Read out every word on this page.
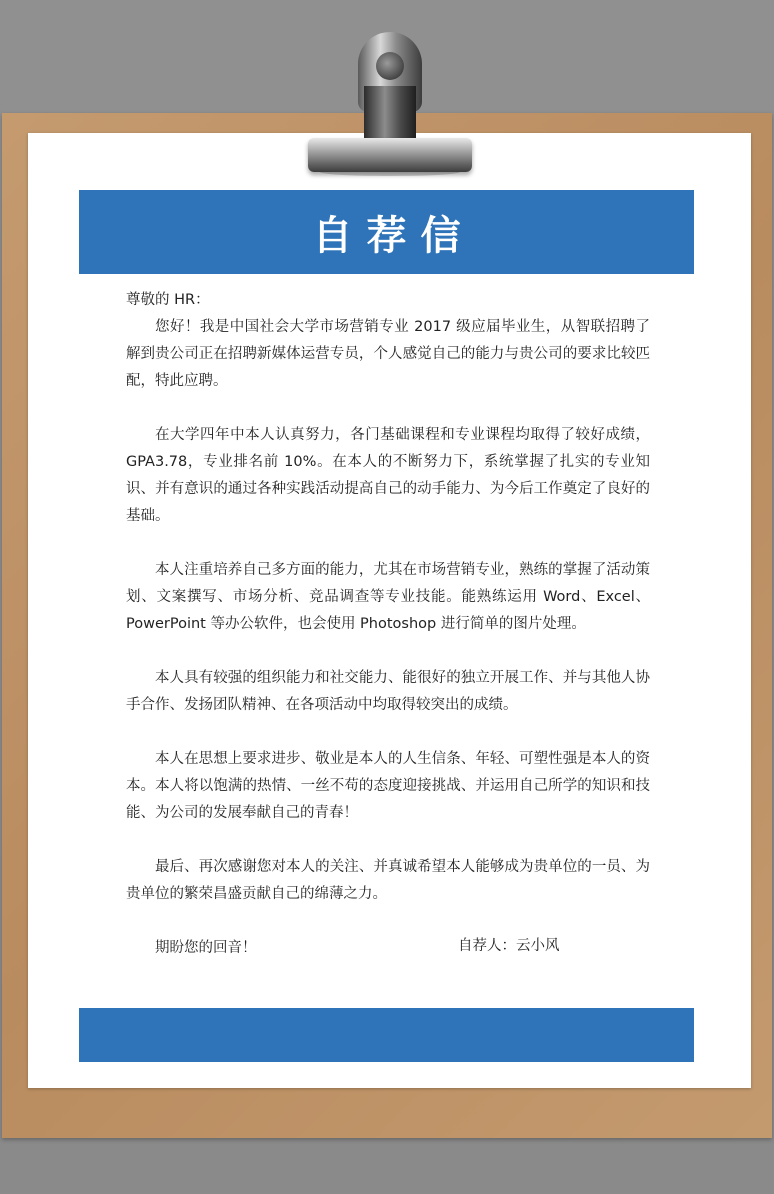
自荐信

尊敬的 HR：

您好！我是中国社会大学市场营销专业 2017 级应届毕业生，从智联招聘了解到贵公司正在招聘新媒体运营专员，个人感觉自己的能力与贵公司的要求比较匹配，特此应聘。

在大学四年中本人认真努力，各门基础课程和专业课程均取得了较好成绩，GPA3.78，专业排名前 10%。在本人的不断努力下，系统掌握了扎实的专业知识、并有意识的通过各种实践活动提高自己的动手能力、为今后工作奠定了良好的基础。

本人注重培养自己多方面的能力，尤其在市场营销专业，熟练的掌握了活动策划、文案撰写、市场分析、竞品调查等专业技能。能熟练运用 Word、Excel、PowerPoint 等办公软件，也会使用 Photoshop 进行简单的图片处理。

本人具有较强的组织能力和社交能力、能很好的独立开展工作、并与其他人协手合作、发扬团队精神、在各项活动中均取得较突出的成绩。

本人在思想上要求进步、敬业是本人的人生信条、年轻、可塑性强是本人的资本。本人将以饱满的热情、一丝不苟的态度迎接挑战、并运用自己所学的知识和技能、为公司的发展奉献自己的青春！

最后、再次感谢您对本人的关注、并真诚希望本人能够成为贵单位的一员、为贵单位的繁荣昌盛贡献自己的绵薄之力。

期盼您的回音！	自荐人：云小风
